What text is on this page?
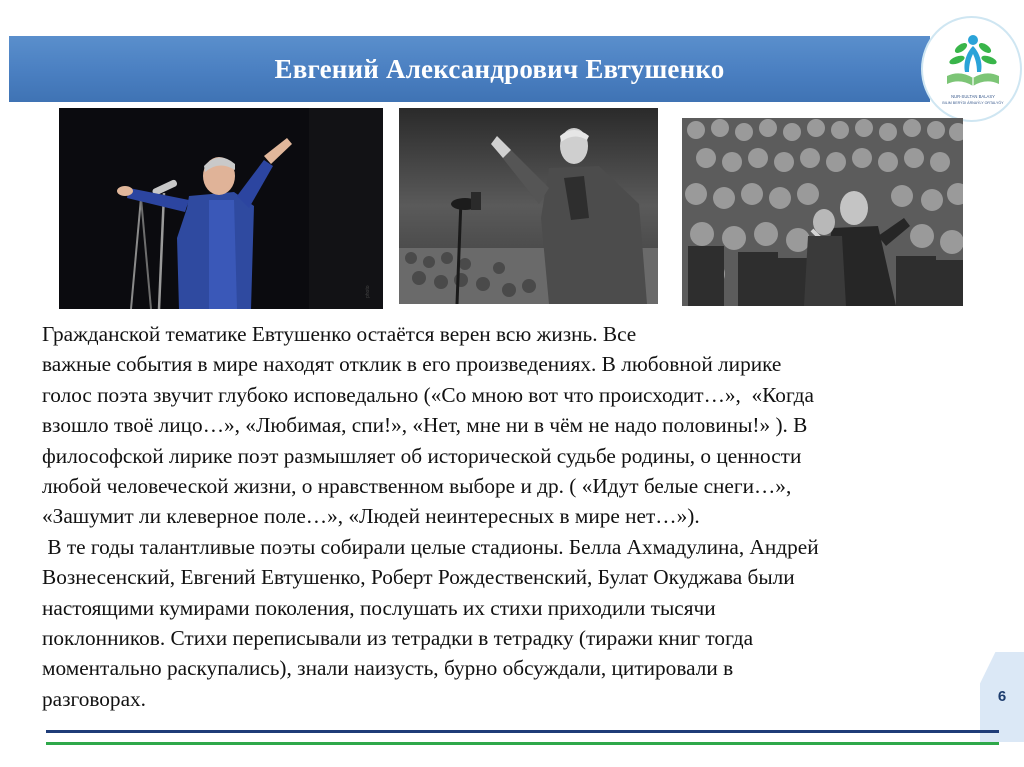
Евгений Александрович Евтушенко
NUR-SULTAN BALASY
BILIM BERÝDI ÁRNAÝLY ORTALYǴY
photo
Гражданской тематике Евтушенко остаётся верен всю жизнь. Все
важные события в мире находят отклик в его произведениях. В любовной лирике
голос поэта звучит глубоко исповедально («Со мною вот что происходит…»,  «Когда
взошло твоё лицо…», «Любимая, спи!», «Нет, мне ни в чём не надо половины!» ). В
философской лирике поэт размышляет об исторической судьбе родины, о ценности
любой человеческой жизни, о нравственном выборе и др. ( «Идут белые снеги…»,
«Зашумит ли клеверное поле…», «Людей неинтересных в мире нет…»).
В те годы талантливые поэты собирали целые стадионы. Белла Ахмадулина, Андрей
Вознесенский, Евгений Евтушенко, Роберт Рождественский, Булат Окуджава были
настоящими кумирами поколения, послушать их стихи приходили тысячи
поклонников. Стихи переписывали из тетрадки в тетрадку (тиражи книг тогда
моментально раскупались), знали наизусть, бурно обсуждали, цитировали в
разговорах.	6
